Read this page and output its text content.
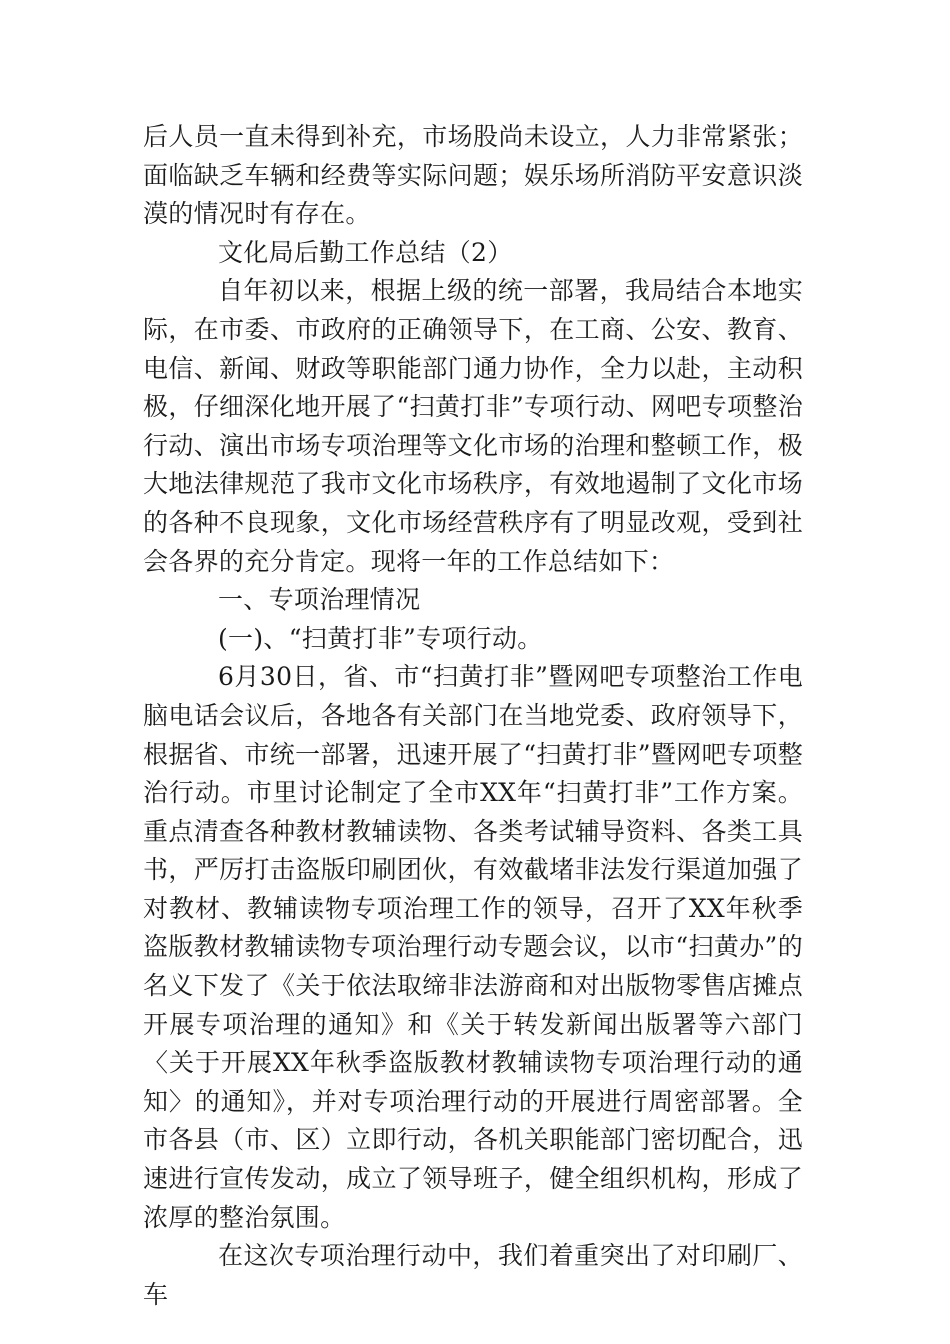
后人员一直未得到补充，市场股尚未设立，人力非常紧张；面临缺乏车辆和经费等实际问题；娱乐场所消防平安意识淡漠的情况时有存在。

文化局后勤工作总结（2）

自年初以来，根据上级的统一部署，我局结合本地实际，在市委、市政府的正确领导下，在工商、公安、教育、电信、新闻、财政等职能部门通力协作，全力以赴，主动积极，仔细深化地开展了“扫黄打非”专项行动、网吧专项整治行动、演出市场专项治理等文化市场的治理和整顿工作，极大地法律规范了我市文化市场秩序，有效地遏制了文化市场的各种不良现象，文化市场经营秩序有了明显改观，受到社会各界的充分肯定。现将一年的工作总结如下：

一、专项治理情况

(一)、“扫黄打非”专项行动。

6月30日，省、市“扫黄打非”暨网吧专项整治工作电脑电话会议后，各地各有关部门在当地党委、政府领导下，根据省、市统一部署，迅速开展了“扫黄打非”暨网吧专项整治行动。市里讨论制定了全市XX年“扫黄打非”工作方案。重点清查各种教材教辅读物、各类考试辅导资料、各类工具书，严厉打击盗版印刷团伙，有效截堵非法发行渠道加强了对教材、教辅读物专项治理工作的领导，召开了XX年秋季盗版教材教辅读物专项治理行动专题会议，以市“扫黄办”的名义下发了《关于依法取缔非法游商和对出版物零售店摊点开展专项治理的通知》和《关于转发新闻出版署等六部门〈关于开展XX年秋季盗版教材教辅读物专项治理行动的通知〉的通知》，并对专项治理行动的开展进行周密部署。全市各县（市、区）立即行动，各机关职能部门密切配合，迅速进行宣传发动，成立了领导班子，健全组织机构，形成了浓厚的整治氛围。

在这次专项治理行动中，我们着重突出了对印刷厂、车
